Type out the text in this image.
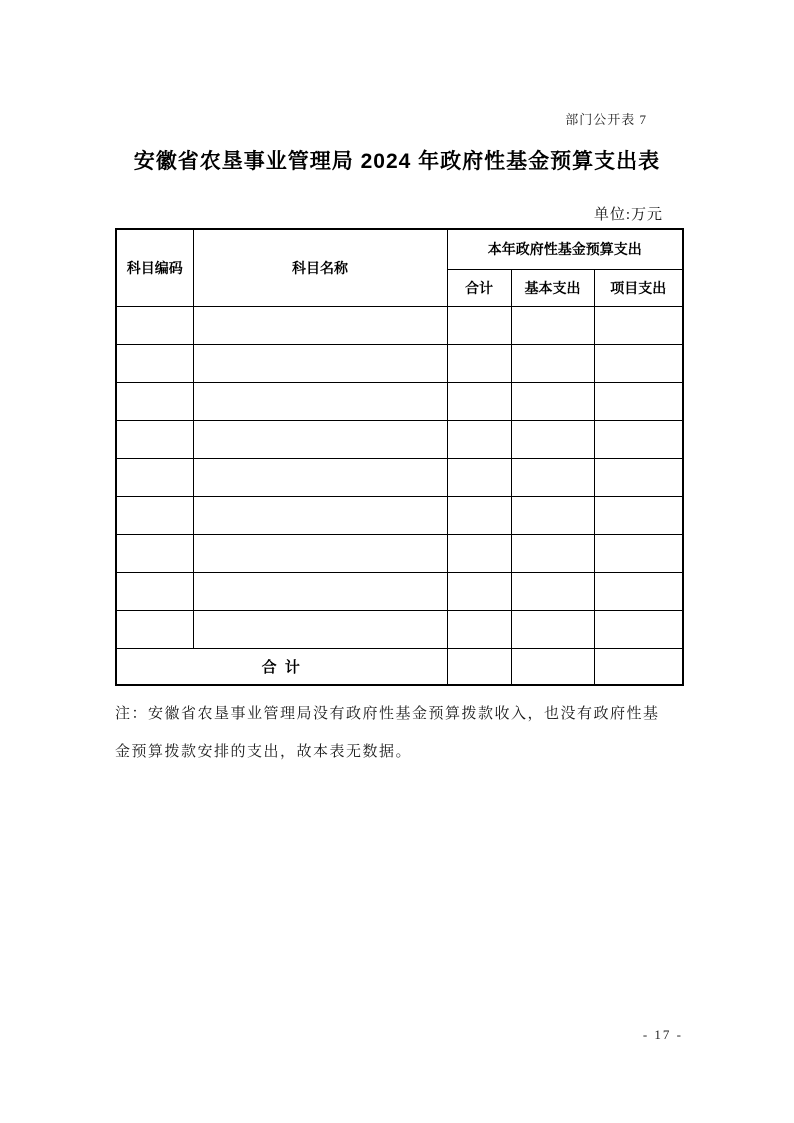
部门公开表 7
安徽省农垦事业管理局 2024 年政府性基金预算支出表
单位:万元
科目编码	科目名称	本年政府性基金预算支出		
		合计	基本支出	项目支出

合 计				
注：安徽省农垦事业管理局没有政府性基金预算拨款收入，也没有政府性基
金预算拨款安排的支出，故本表无数据。
- 17 -
